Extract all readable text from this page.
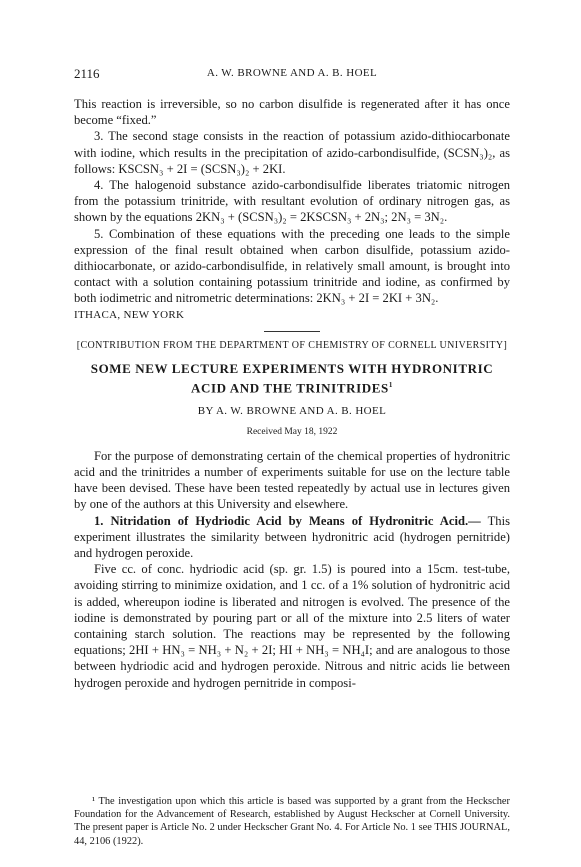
2116	A. W. BROWNE AND A. B. HOEL

This reaction is irreversible, so no carbon disulfide is regenerated after it has once become “fixed.”

3. The second stage consists in the reaction of potassium azido-dithiocarbonate with iodine, which results in the precipitation of azido-carbondisulfide, (SCSN₃)₂, as follows: KSCSN₃ + 2I = (SCSN₃)₂ + 2KI.

4. The halogenoid substance azido-carbondisulfide liberates triatomic nitrogen from the potassium trinitride, with resultant evolution of ordinary nitrogen gas, as shown by the equations 2KN₃ + (SCSN₃)₂ = 2KSCSN₃ + 2N₃; 2N₃ = 3N₂.

5. Combination of these equations with the preceding one leads to the simple expression of the final result obtained when carbon disulfide, potassium azido-dithiocarbonate, or azido-carbondisulfide, in relatively small amount, is brought into contact with a solution containing potassium trinitride and iodine, as confirmed by both iodimetric and nitrometric determinations: 2KN₃ + 2I = 2KI + 3N₂.

ITHACA, NEW YORK

[CONTRIBUTION FROM THE DEPARTMENT OF CHEMISTRY OF CORNELL UNIVERSITY]
SOME NEW LECTURE EXPERIMENTS WITH HYDRONITRIC
ACID AND THE TRINITRIDES$^1$
BY A. W. BROWNE AND A. B. HOEL
Received May 18, 1922

For the purpose of demonstrating certain of the chemical properties of hydronitric acid and the trinitrides a number of experiments suitable for use on the lecture table have been devised. These have been tested repeatedly by actual use in lectures given by one of the authors at this University and elsewhere.

1. Nitridation of Hydriodic Acid by Means of Hydronitric Acid.— This experiment illustrates the similarity between hydronitric acid (hydrogen pernitride) and hydrogen peroxide.

Five cc. of conc. hydriodic acid (sp. gr. 1.5) is poured into a 15cm. test-tube, avoiding stirring to minimize oxidation, and 1 cc. of a 1% solution of hydronitric acid is added, whereupon iodine is liberated and nitrogen is evolved. The presence of the iodine is demonstrated by pouring part or all of the mixture into 2.5 liters of water containing starch solution. The reactions may be represented by the following equations; 2HI + HN₃ = NH₃ + N₂ + 2I; HI + NH₃ = NH₄I; and are analogous to those between hydriodic acid and hydrogen peroxide. Nitrous and nitric acids lie between hydrogen peroxide and hydrogen pernitride in composi-

¹ The investigation upon which this article is based was supported by a grant from the Heckscher Foundation for the Advancement of Research, established by August Heckscher at Cornell University. The present paper is Article No. 2 under Heckscher Grant No. 4. For Article No. 1 see THIS JOURNAL, 44, 2106 (1922).
